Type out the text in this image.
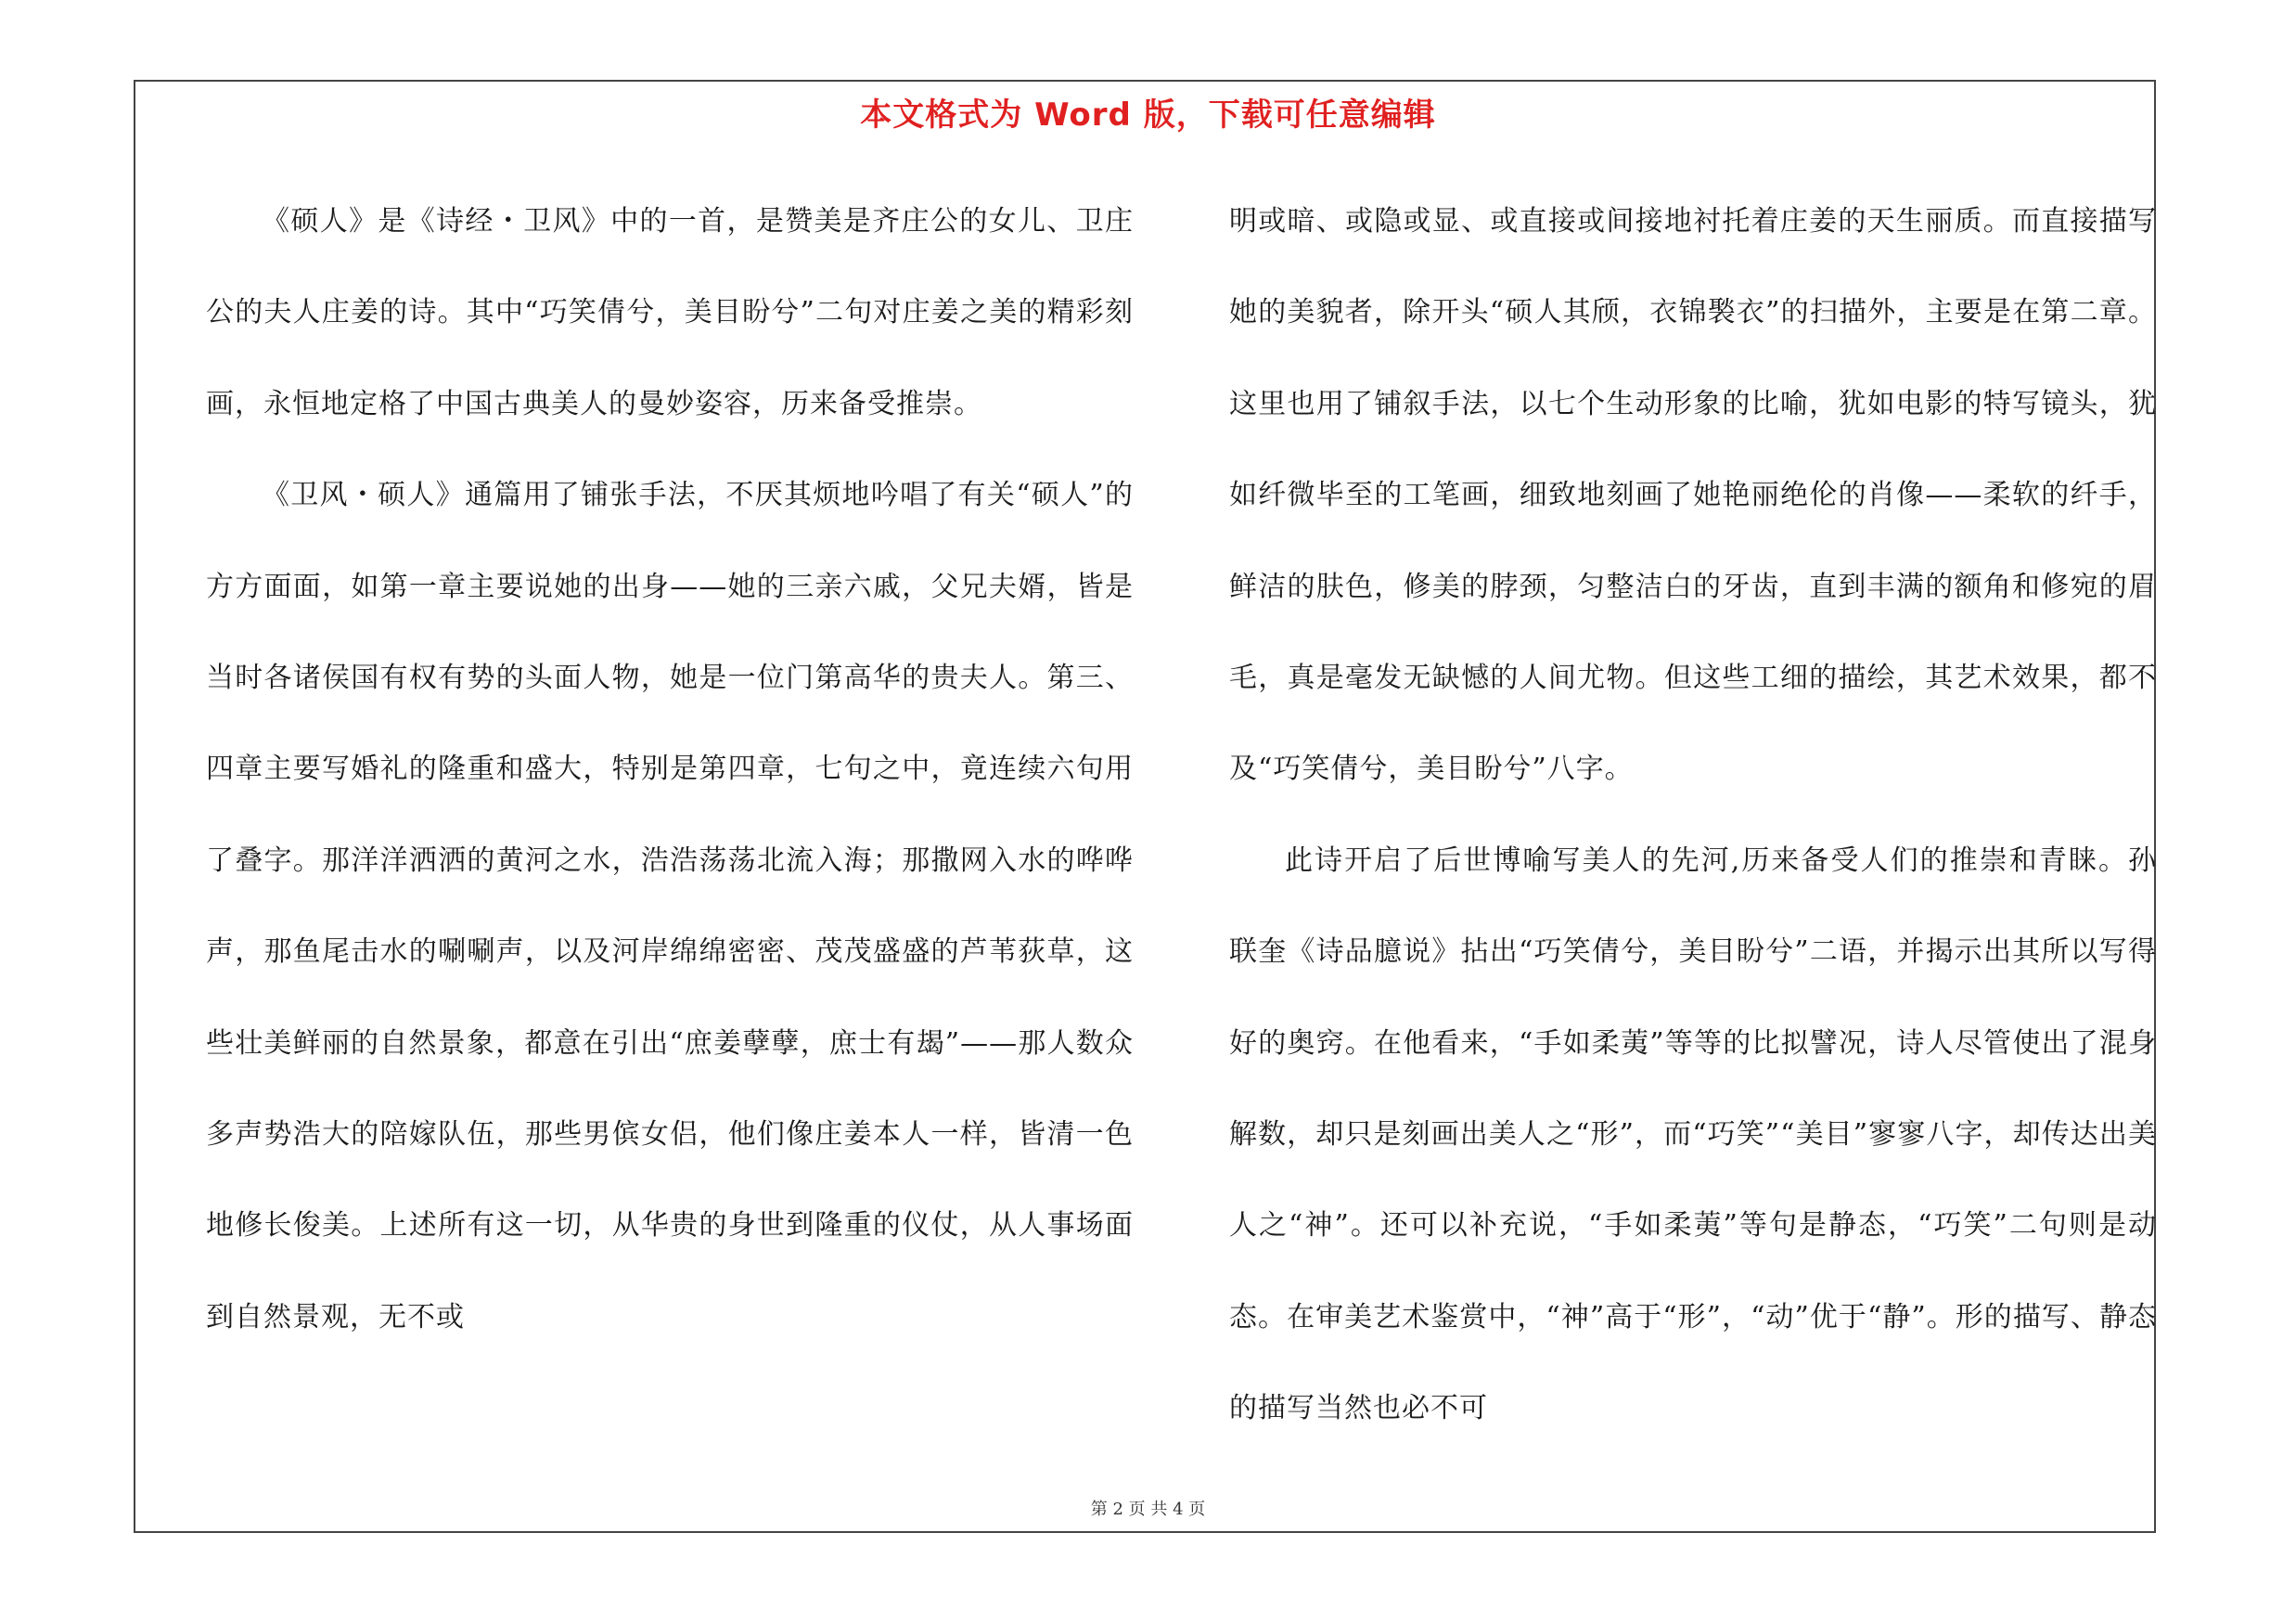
本文格式为 Word 版，下载可任意编辑

《硕人》是《诗经・卫风》中的一首，是赞美是齐庄公的女儿、卫庄公的夫人庄姜的诗。其中“巧笑倩兮，美目盼兮”二句对庄姜之美的精彩刻画，永恒地定格了中国古典美人的曼妙姿容，历来备受推崇。

《卫风・硕人》通篇用了铺张手法，不厌其烦地吟唱了有关“硕人”的方方面面，如第一章主要说她的出身——她的三亲六戚，父兄夫婿，皆是当时各诸侯国有权有势的头面人物，她是一位门第高华的贵夫人。第三、四章主要写婚礼的隆重和盛大，特别是第四章，七句之中，竟连续六句用了叠字。那洋洋洒洒的黄河之水，浩浩荡荡北流入海；那撒网入水的哗哗声，那鱼尾击水的唰唰声，以及河岸绵绵密密、茂茂盛盛的芦苇荻草，这些壮美鲜丽的自然景象，都意在引出“庶姜孽孽，庶士有朅”——那人数众多声势浩大的陪嫁队伍，那些男傧女侣，他们像庄姜本人一样，皆清一色地修长俊美。上述所有这一切，从华贵的身世到隆重的仪仗，从人事场面到自然景观，无不或

明或暗、或隐或显、或直接或间接地衬托着庄姜的天生丽质。而直接描写她的美貌者，除开头“硕人其颀，衣锦褧衣”的扫描外，主要是在第二章。这里也用了铺叙手法，以七个生动形象的比喻，犹如电影的特写镜头，犹如纤微毕至的工笔画，细致地刻画了她艳丽绝伦的肖像——柔软的纤手，鲜洁的肤色，修美的脖颈，匀整洁白的牙齿，直到丰满的额角和修宛的眉毛，真是毫发无缺憾的人间尤物。但这些工细的描绘，其艺术效果，都不及“巧笑倩兮，美目盼兮”八字。

此诗开启了后世博喻写美人的先河,历来备受人们的推崇和青睐。孙联奎《诗品臆说》拈出“巧笑倩兮，美目盼兮”二语，并揭示出其所以写得好的奥窍。在他看来，“手如柔荑”等等的比拟譬况，诗人尽管使出了混身解数，却只是刻画出美人之“形”，而“巧笑”“美目”寥寥八字，却传达出美人之“神”。还可以补充说，“手如柔荑”等句是静态，“巧笑”二句则是动态。在审美艺术鉴赏中，“神”高于“形”，“动”优于“静”。形的描写、静态的描写当然也必不可

第 2 页 共 4 页
